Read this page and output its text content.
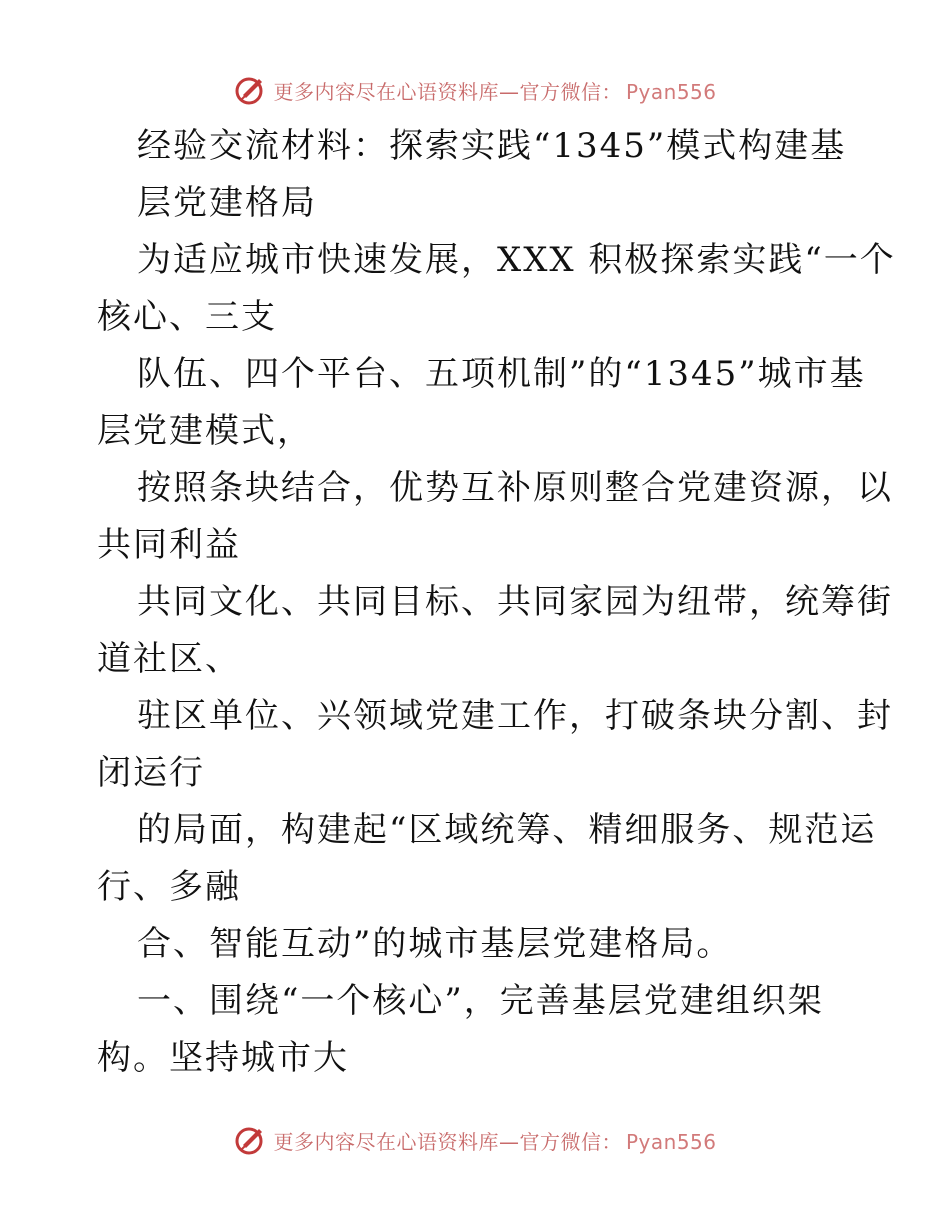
更多内容尽在心语资料库—官方微信： Pyan556
经验交流材料：探索实践“1345”模式构建基
层党建格局
为适应城市快速发展，XXX 积极探索实践“一个
核心、三支
队伍、四个平台、五项机制”的“1345”城市基
层党建模式，
按照条块结合，优势互补原则整合党建资源，以
共同利益
共同文化、共同目标、共同家园为纽带，统筹街
道社区、
驻区单位、兴领域党建工作，打破条块分割、封
闭运行
的局面，构建起“区域统筹、精细服务、规范运
行、多融
合、智能互动”的城市基层党建格局。
一、围绕“一个核心”，完善基层党建组织架
构。坚持城市大
更多内容尽在心语资料库—官方微信： Pyan556
